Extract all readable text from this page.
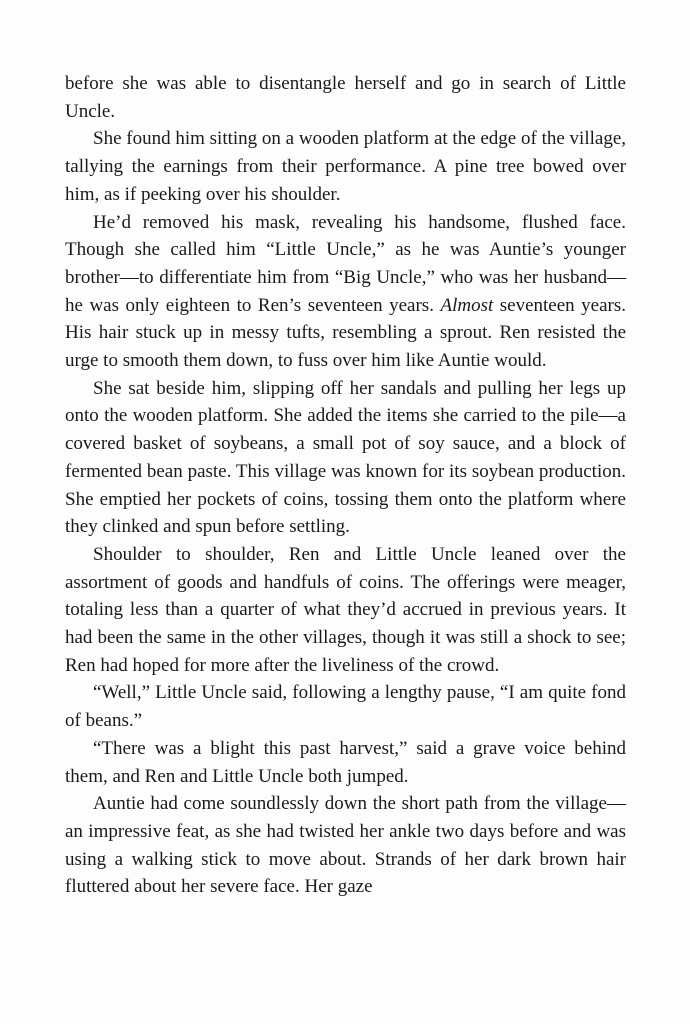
before she was able to disentangle herself and go in search of Little Uncle.

She found him sitting on a wooden platform at the edge of the village, tallying the earnings from their performance. A pine tree bowed over him, as if peeking over his shoulder.

He’d removed his mask, revealing his handsome, flushed face. Though she called him “Little Uncle,” as he was Auntie’s younger brother—to differentiate him from “Big Uncle,” who was her husband—he was only eighteen to Ren’s seventeen years. Almost seventeen years. His hair stuck up in messy tufts, resembling a sprout. Ren resisted the urge to smooth them down, to fuss over him like Auntie would.

She sat beside him, slipping off her sandals and pulling her legs up onto the wooden platform. She added the items she carried to the pile—a covered basket of soybeans, a small pot of soy sauce, and a block of fermented bean paste. This village was known for its soybean production. She emptied her pockets of coins, tossing them onto the platform where they clinked and spun before settling.

Shoulder to shoulder, Ren and Little Uncle leaned over the assortment of goods and handfuls of coins. The offerings were meager, totaling less than a quarter of what they’d accrued in previous years. It had been the same in the other villages, though it was still a shock to see; Ren had hoped for more after the liveliness of the crowd.

“Well,” Little Uncle said, following a lengthy pause, “I am quite fond of beans.”

“There was a blight this past harvest,” said a grave voice behind them, and Ren and Little Uncle both jumped.

Auntie had come soundlessly down the short path from the village—an impressive feat, as she had twisted her ankle two days before and was using a walking stick to move about. Strands of her dark brown hair fluttered about her severe face. Her gaze
